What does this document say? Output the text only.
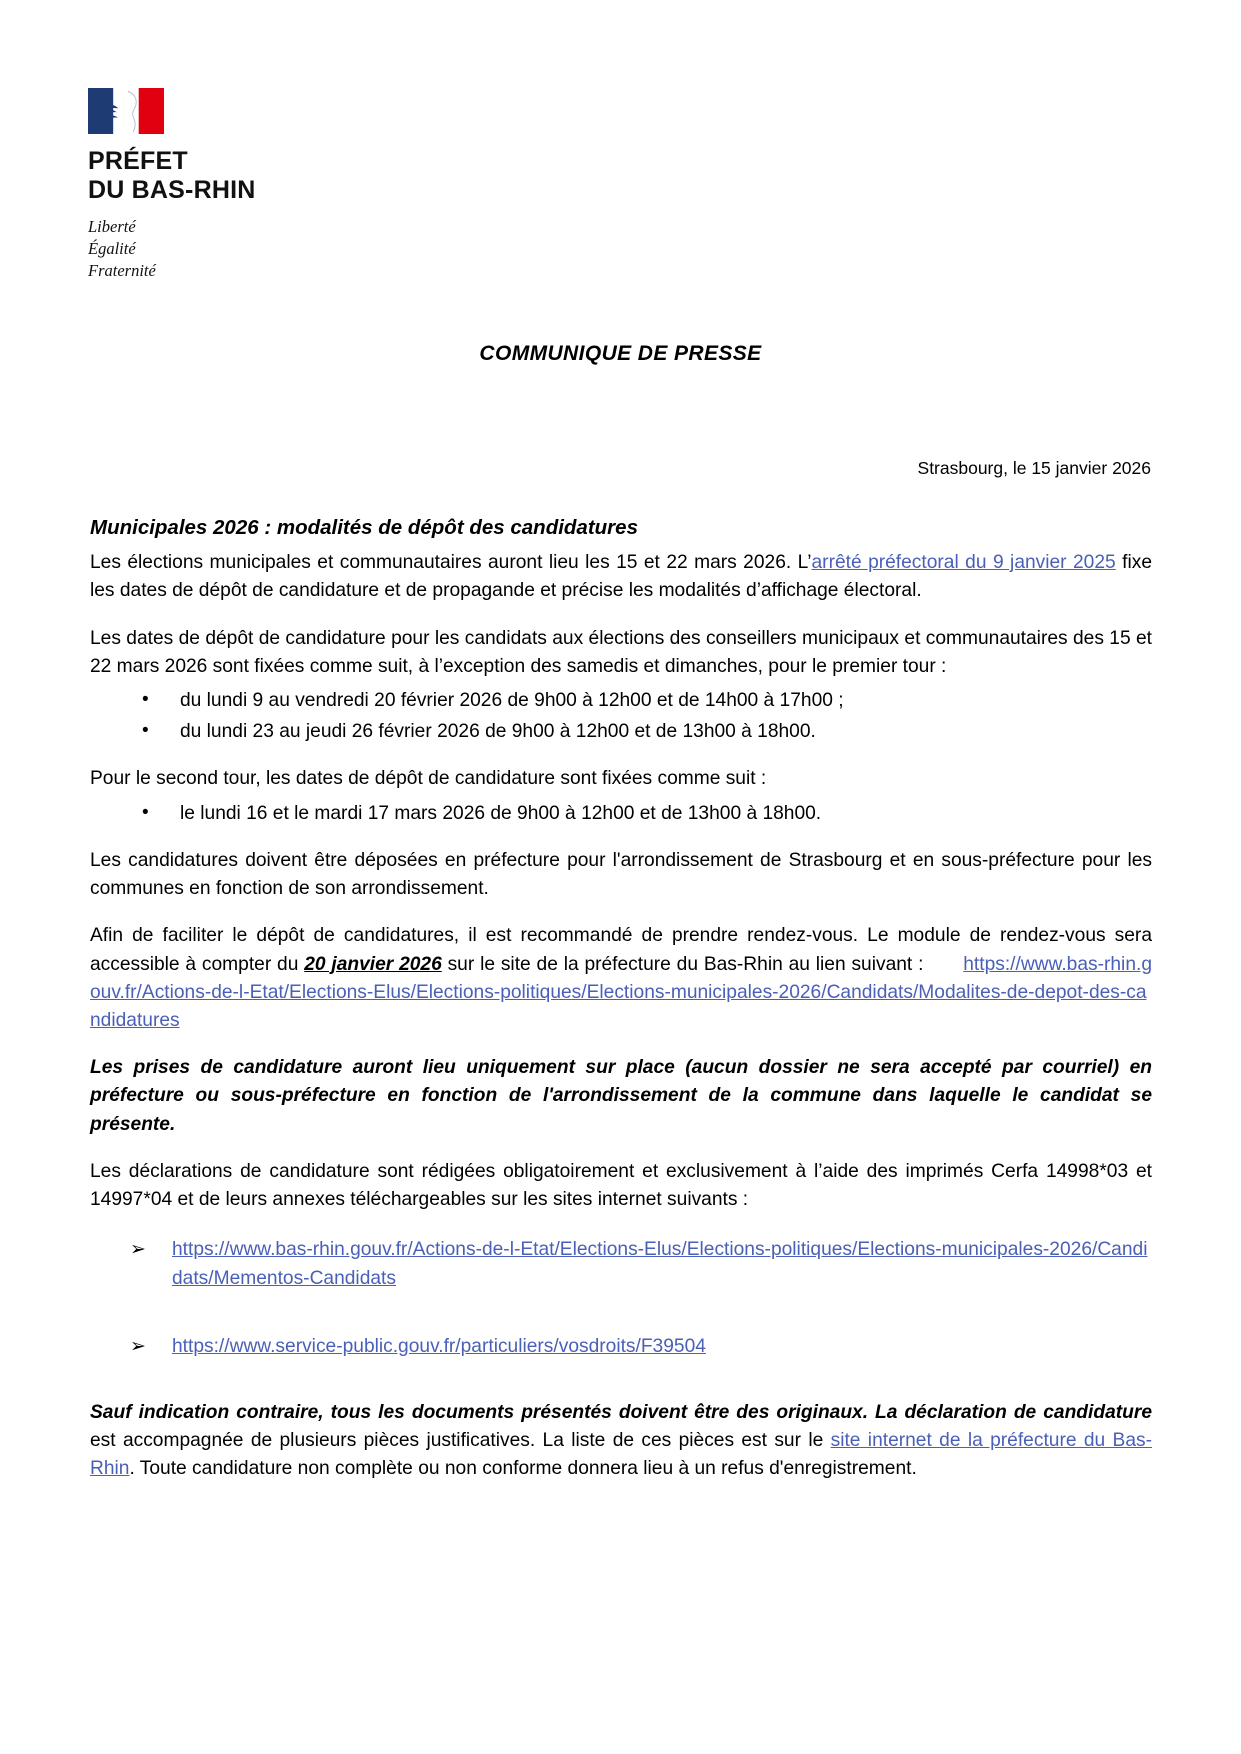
PRÉFET
DU BAS-RHIN
Liberté
Égalité
Fraternité
COMMUNIQUE DE PRESSE
Strasbourg, le 15 janvier 2026

Municipales 2026 : modalités de dépôt des candidatures

Les élections municipales et communautaires auront lieu les 15 et 22 mars 2026. L’arrêté préfectoral du 9 janvier 2025 fixe les dates de dépôt de candidature et de propagande et précise les modalités d’affichage électoral.

Les dates de dépôt de candidature pour les candidats aux élections des conseillers municipaux et communautaires des 15 et 22 mars 2026 sont fixées comme suit, à l’exception des samedis et dimanches, pour le premier tour :

• du lundi 9 au vendredi 20 février 2026 de 9h00 à 12h00 et de 14h00 à 17h00 ;
• du lundi 23 au jeudi 26 février 2026 de 9h00 à 12h00 et de 13h00 à 18h00.

Pour le second tour, les dates de dépôt de candidature sont fixées comme suit :

• le lundi 16 et le mardi 17 mars 2026 de 9h00 à 12h00 et de 13h00 à 18h00.

Les candidatures doivent être déposées en préfecture pour l'arrondissement de Strasbourg et en sous-préfecture pour les communes en fonction de son arrondissement.

Afin de faciliter le dépôt de candidatures, il est recommandé de prendre rendez-vous. Le module de rendez-vous sera accessible à compter du 20 janvier 2026 sur le site de la préfecture du Bas-Rhin au lien suivant : https://www.bas-rhin.gouv.fr/Actions-de-l-Etat/Elections-Elus/Elections-politiques/Elections-municipales-2026/Candidats/Modalites-de-depot-des-candidatures

Les prises de candidature auront lieu uniquement sur place (aucun dossier ne sera accepté par courriel) en préfecture ou sous-préfecture en fonction de l'arrondissement de la commune dans laquelle le candidat se présente.

Les déclarations de candidature sont rédigées obligatoirement et exclusivement à l’aide des imprimés Cerfa 14998*03 et 14997*04 et de leurs annexes téléchargeables sur les sites internet suivants :

➢ https://www.bas-rhin.gouv.fr/Actions-de-l-Etat/Elections-Elus/Elections-politiques/Elections-municipales-2026/Candidats/Mementos-Candidats
➢ https://www.service-public.gouv.fr/particuliers/vosdroits/F39504

Sauf indication contraire, tous les documents présentés doivent être des originaux. La déclaration de candidature est accompagnée de plusieurs pièces justificatives. La liste de ces pièces est sur le site internet de la préfecture du Bas-Rhin. Toute candidature non complète ou non conforme donnera lieu à un refus d'enregistrement.
